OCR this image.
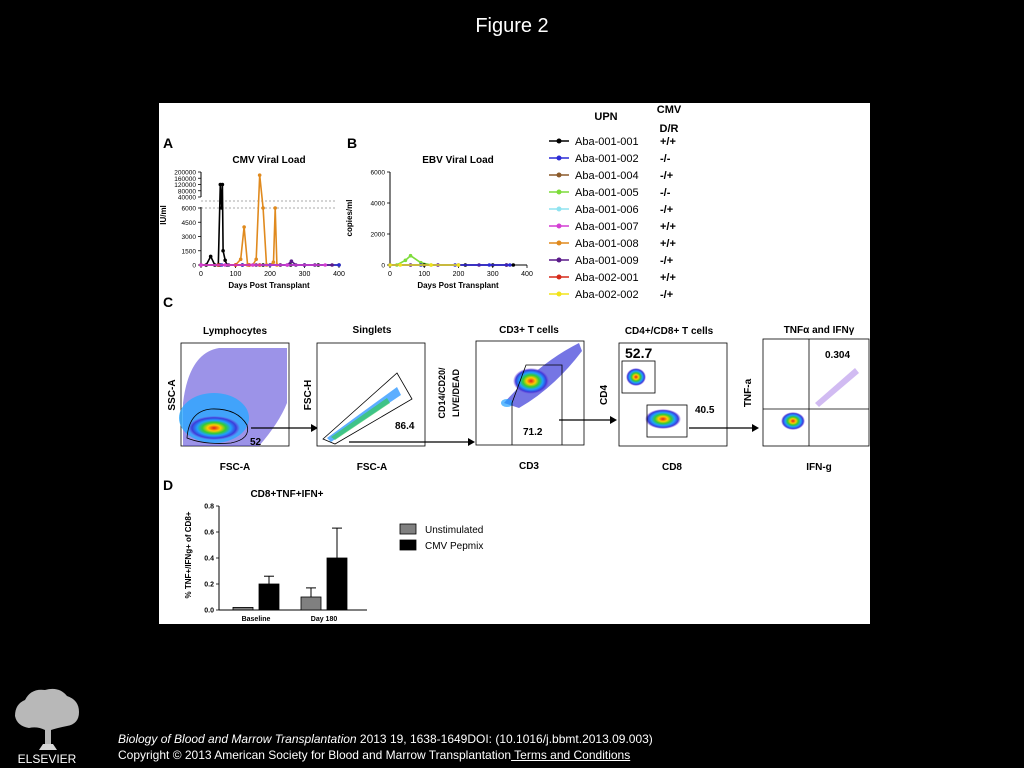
Figure 2
A	B
C
D
CMV Viral Load
Days Post Transplant
IU/ml
0	100	200	300	400
0
1500
3000
4500
6000
40000
80000
120000
160000
200000
EBV Viral Load
Days Post Transplant
copies/ml
0	100	200	300	400
0
2000
4000
6000
UPN
CMV
D/R
Aba-001-001 +/+
Aba-001-002 -/-
Aba-001-004 -/+
Aba-001-005 -/-
Aba-001-006 -/+
Aba-001-007 +/+
Aba-001-008 +/+
Aba-001-009 -/+
Aba-002-001 +/+
Aba-002-002 -/+
Lymphocytes	Singlets	CD3+ T cells	CD4+/CD8+ T cells	TNFα and IFNγ
52
FSC-A
SSC-A
86.4
FSC-A
FSC-H
71.2
CD3
CD14/CD20/ LIVE/DEAD
52.7
40.5
CD8
CD4
0.304
IFN-g
TNF-a
CD8+TNF+IFN+
% TNF+/IFNg+ of CD8+
0.0
0.2
0.4
0.6
0.8
Baseline	Day 180
Unstimulated
CMV Pepmix
ELSEVIER
Biology of Blood and Marrow Transplantation 2013 19, 1638-1649DOI: (10.1016/j.bbmt.2013.09.003)
Copyright © 2013 American Society for Blood and Marrow Transplantation Terms and Conditions
